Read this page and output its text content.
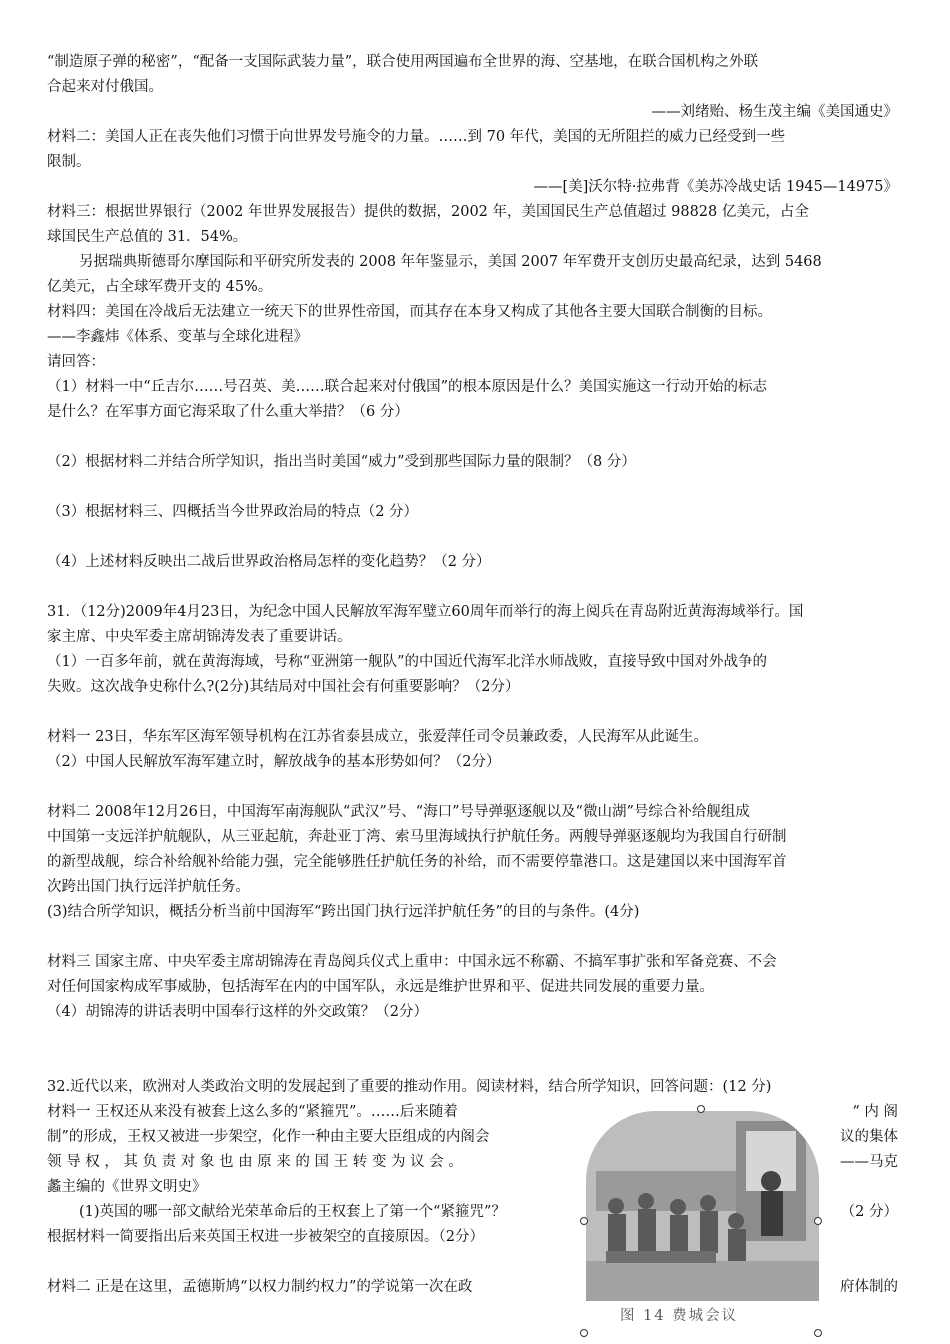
“制造原子弹的秘密”，“配备一支国际武装力量”，联合使用两国遍布全世界的海、空基地，在联合国机构之外联
合起来对付俄国。
——刘绪贻、杨生茂主编《美国通史》
材料二：美国人正在丧失他们习惯于向世界发号施令的力量。……到 70 年代，美国的无所阻拦的威力已经受到一些
限制。
——[美]沃尔特·拉弗背《美苏冷战史话 1945—14975》
材料三：根据世界银行（2002 年世界发展报告）提供的数据，2002 年，美国国民生产总值超过 98828 亿美元，占全
球国民生产总值的 31．54%。
另据瑞典斯德哥尔摩国际和平研究所发表的 2008 年年鉴显示，美国 2007 年军费开支创历史最高纪录，达到 5468
亿美元，占全球军费开支的 45%。
材料四：美国在冷战后无法建立一统天下的世界性帝国，而其存在本身又构成了其他各主要大国联合制衡的目标。
——李鑫炜《体系、变革与全球化进程》
请回答：
（1）材料一中“丘吉尔……号召英、美……联合起来对付俄国”的根本原因是什么？美国实施这一行动开始的标志
是什么？在军事方面它海采取了什么重大举措？（6 分）
（2）根据材料二并结合所学知识，指出当时美国“威力”受到那些国际力量的限制？（8 分）
（3）根据材料三、四概括当今世界政治局的特点（2 分）
（4）上述材料反映出二战后世界政治格局怎样的变化趋势？（2 分）
31．（12分)2009年4月23日，为纪念中国人民解放军海军璧立60周年而举行的海上阅兵在青岛附近黄海海域举行。国
家主席、中央军委主席胡锦涛发表了重要讲话。
（1）一百多年前，就在黄海海域，号称“亚洲第一舰队”的中国近代海军北洋水师战败，直接导致中国对外战争的
失败。这次战争史称什么?(2分)其结局对中国社会有何重要影响？（2分）
材料一 23日，华东军区海军领导机构在江苏省泰县成立，张爱萍任司令员兼政委，人民海军从此诞生。
（2）中国人民解放军海军建立时，解放战争的基本形势如何？（2分）
材料二 2008年12月26日，中国海军南海舰队“武汉”号、“海口”号导弹驱逐舰以及“微山湖”号综合补给舰组成
中国第一支远洋护航舰队，从三亚起航，奔赴亚丁湾、索马里海域执行护航任务。两艘导弹驱逐舰均为我国自行研制
的新型战舰，综合补给舰补给能力强，完全能够胜任护航任务的补给，而不需要停靠港口。这是建国以来中国海军首
次跨出国门执行远洋护航任务。
(3)结合所学知识，概括分析当前中国海军“跨出国门执行远洋护航任务”的目的与条件。(4分)
材料三 国家主席、中央军委主席胡锦涛在青岛阅兵仪式上重申：中国永远不称霸、不搞军事扩张和军备竞赛、不会
对任何国家构成军事威胁，包括海军在内的中国军队，永远是维护世界和平、促进共同发展的重要力量。
（4）胡锦涛的讲话表明中国奉行这样的外交政策？（2分）
32.近代以来，欧洲对人类政治文明的发展起到了重要的推动作用。阅读材料，结合所学知识，回答问题：(12 分)
材料一 王权还从来没有被套上这么多的“紧箍咒”。……后来随着	“ 内 阁
制”的形成，王权又被进一步架空，化作一种由主要大臣组成的内阁会	议的集体
领 导 权 ， 其 负 责 对 象 也 由 原 来 的 国 王 转 变 为 议 会 。	——马克
蠡主编的《世界文明史》
(1)英国的哪一部文献给光荣革命后的王权套上了第一个“紧箍咒”？	（2 分）
根据材料一简要指出后来英国王权进一步被架空的直接原因。（2分）
材料二 正是在这里，孟德斯鸠“以权力制约权力”的学说第一次在政	府体制的
图 14 费城会议
